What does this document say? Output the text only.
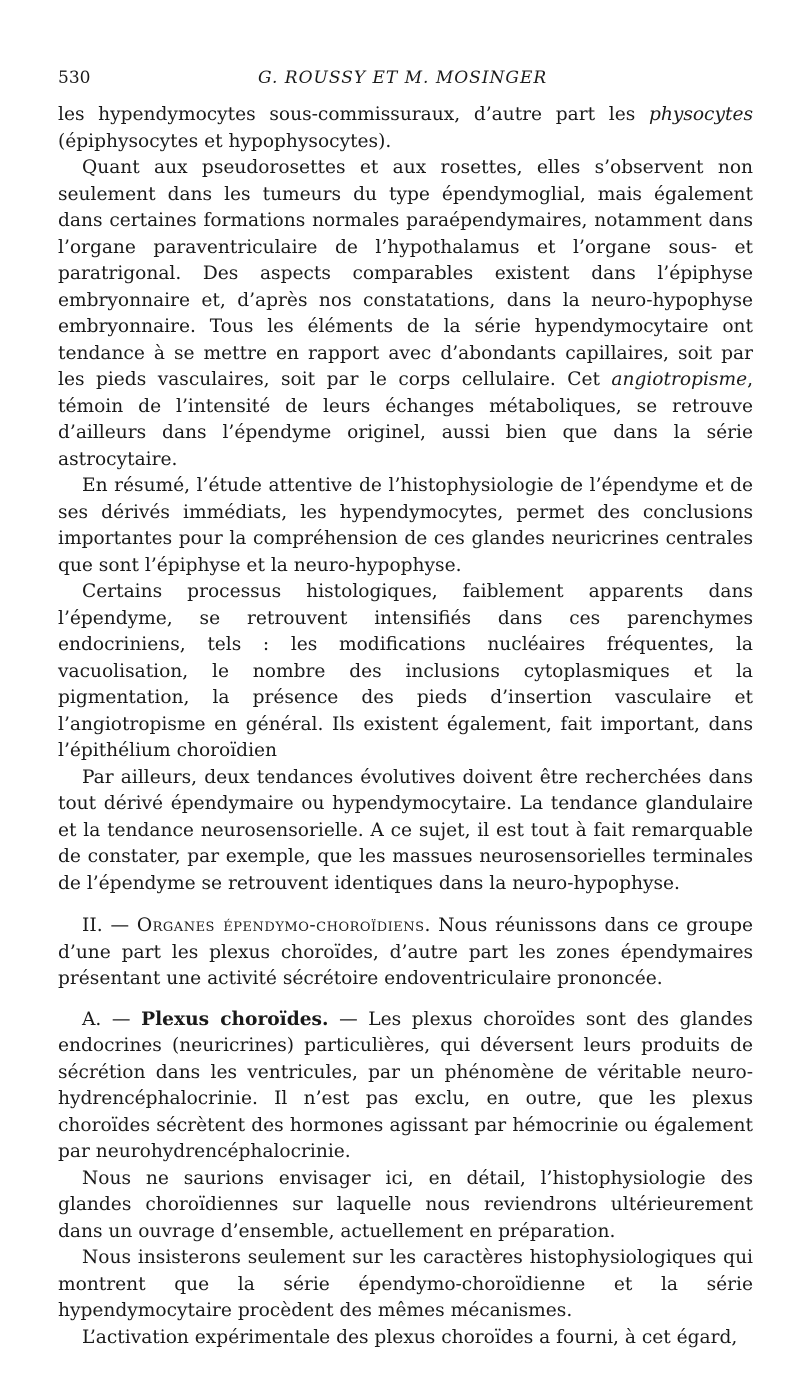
530	G. ROUSSY ET M. MOSINGER

les hypendymocytes sous-commissuraux, d’autre part les physocytes (épiphysocytes et hypophysocytes).

Quant aux pseudorosettes et aux rosettes, elles s’observent non seulement dans les tumeurs du type épendymoglial, mais également dans certaines formations normales paraépendymaires, notamment dans l’organe paraventriculaire de l’hypothalamus et l’organe sous- et paratrigonal. Des aspects comparables existent dans l’épiphyse embryonnaire et, d’après nos constatations, dans la neuro-hypophyse embryonnaire. Tous les éléments de la série hypendymocytaire ont tendance à se mettre en rapport avec d’abondants capillaires, soit par les pieds vasculaires, soit par le corps cellulaire. Cet angiotropisme, témoin de l’intensité de leurs échanges métaboliques, se retrouve d’ailleurs dans l’épendyme originel, aussi bien que dans la série astrocytaire.

En résumé, l’étude attentive de l’histophysiologie de l’épendyme et de ses dérivés immédiats, les hypendymocytes, permet des conclusions importantes pour la compréhension de ces glandes neuricrines centrales que sont l’épiphyse et la neuro-hypophyse.

Certains processus histologiques, faiblement apparents dans l’épendyme, se retrouvent intensifiés dans ces parenchymes endocriniens, tels : les modifications nucléaires fréquentes, la vacuolisation, le nombre des inclusions cytoplasmiques et la pigmentation, la présence des pieds d’insertion vasculaire et l’angiotropisme en général. Ils existent également, fait important, dans l’épithélium choroïdien

Par ailleurs, deux tendances évolutives doivent être recherchées dans tout dérivé épendymaire ou hypendymocytaire. La tendance glandulaire et la tendance neurosensorielle. A ce sujet, il est tout à fait remarquable de constater, par exemple, que les massues neurosensorielles terminales de l’épendyme se retrouvent identiques dans la neuro-hypophyse.

II. — Organes épendymo-choroïdiens. Nous réunissons dans ce groupe d’une part les plexus choroïdes, d’autre part les zones épendymaires présentant une activité sécrétoire endoventriculaire prononcée.

A. — Plexus choroïdes. — Les plexus choroïdes sont des glandes endocrines (neuricrines) particulières, qui déversent leurs produits de sécrétion dans les ventricules, par un phénomène de véritable neuro-hydrencéphalocrinie. Il n’est pas exclu, en outre, que les plexus choroïdes sécrètent des hormones agissant par hémocrinie ou également par neurohydrencéphalocrinie.

Nous ne saurions envisager ici, en détail, l’histophysiologie des glandes choroïdiennes sur laquelle nous reviendrons ultérieurement dans un ouvrage d’ensemble, actuellement en préparation.

Nous insisterons seulement sur les caractères histophysiologiques qui montrent que la série épendymo-choroïdienne et la série hypendymocytaire procèdent des mêmes mécanismes.

L’activation expérimentale des plexus choroïdes a fourni, à cet égard,
